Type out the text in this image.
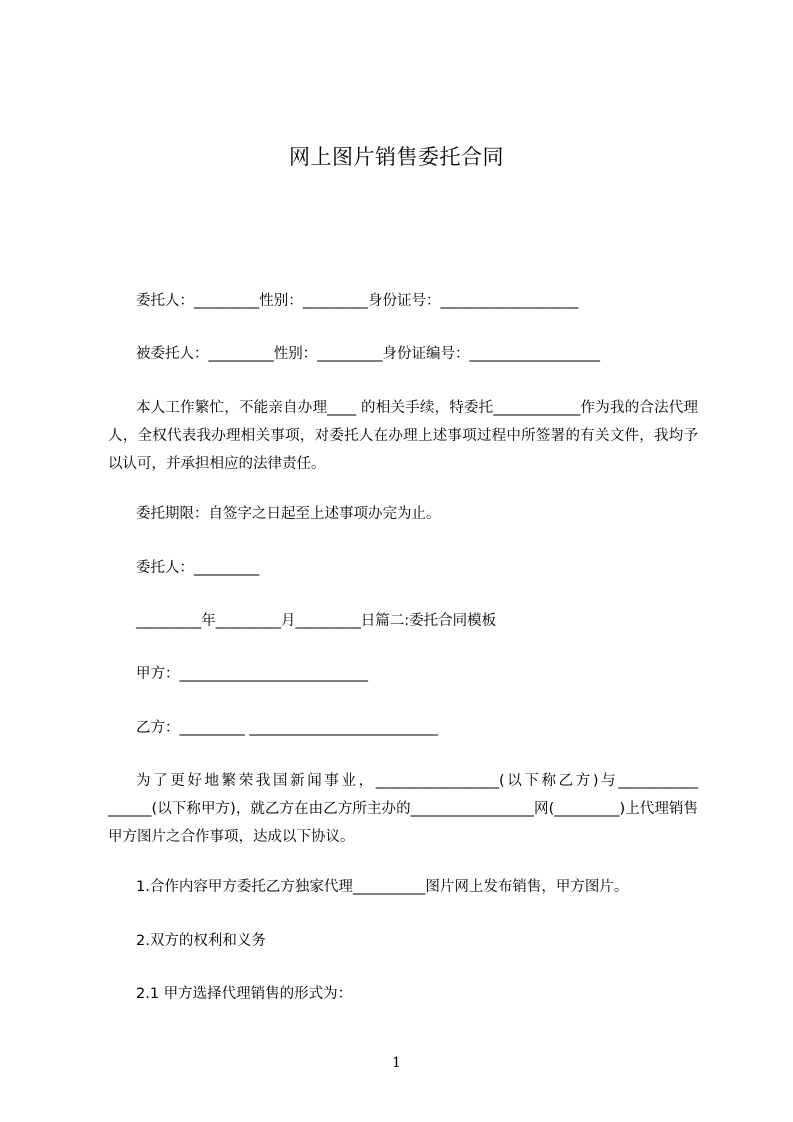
网上图片销售委托合同
委托人：_________性别：_________身份证号：___________________
被委托人：_________性别：_________身份证编号：__________________
本人工作繁忙，不能亲自办理____ 的相关手续，特委托____________作为我的合法代理人，全权代表我办理相关事项，对委托人在办理上述事项过程中所签署的有关文件，我均予以认可，并承担相应的法律责任。
委托期限：自签字之日起至上述事项办完为止。
委托人：_________
_________年_________月_________日篇二:委托合同模板
甲方：__________________________
乙方：_________ __________________________
为了更好地繁荣我国新闻事业，_________________(以下称乙方)与___________ ______(以下称甲方)，就乙方在由乙方所主办的_________________网(_________)上代理销售甲方图片之合作事项，达成以下协议。
1.合作内容甲方委托乙方独家代理__________图片网上发布销售，甲方图片。
2.双方的权利和义务
2.1 甲方选择代理销售的形式为：
1
